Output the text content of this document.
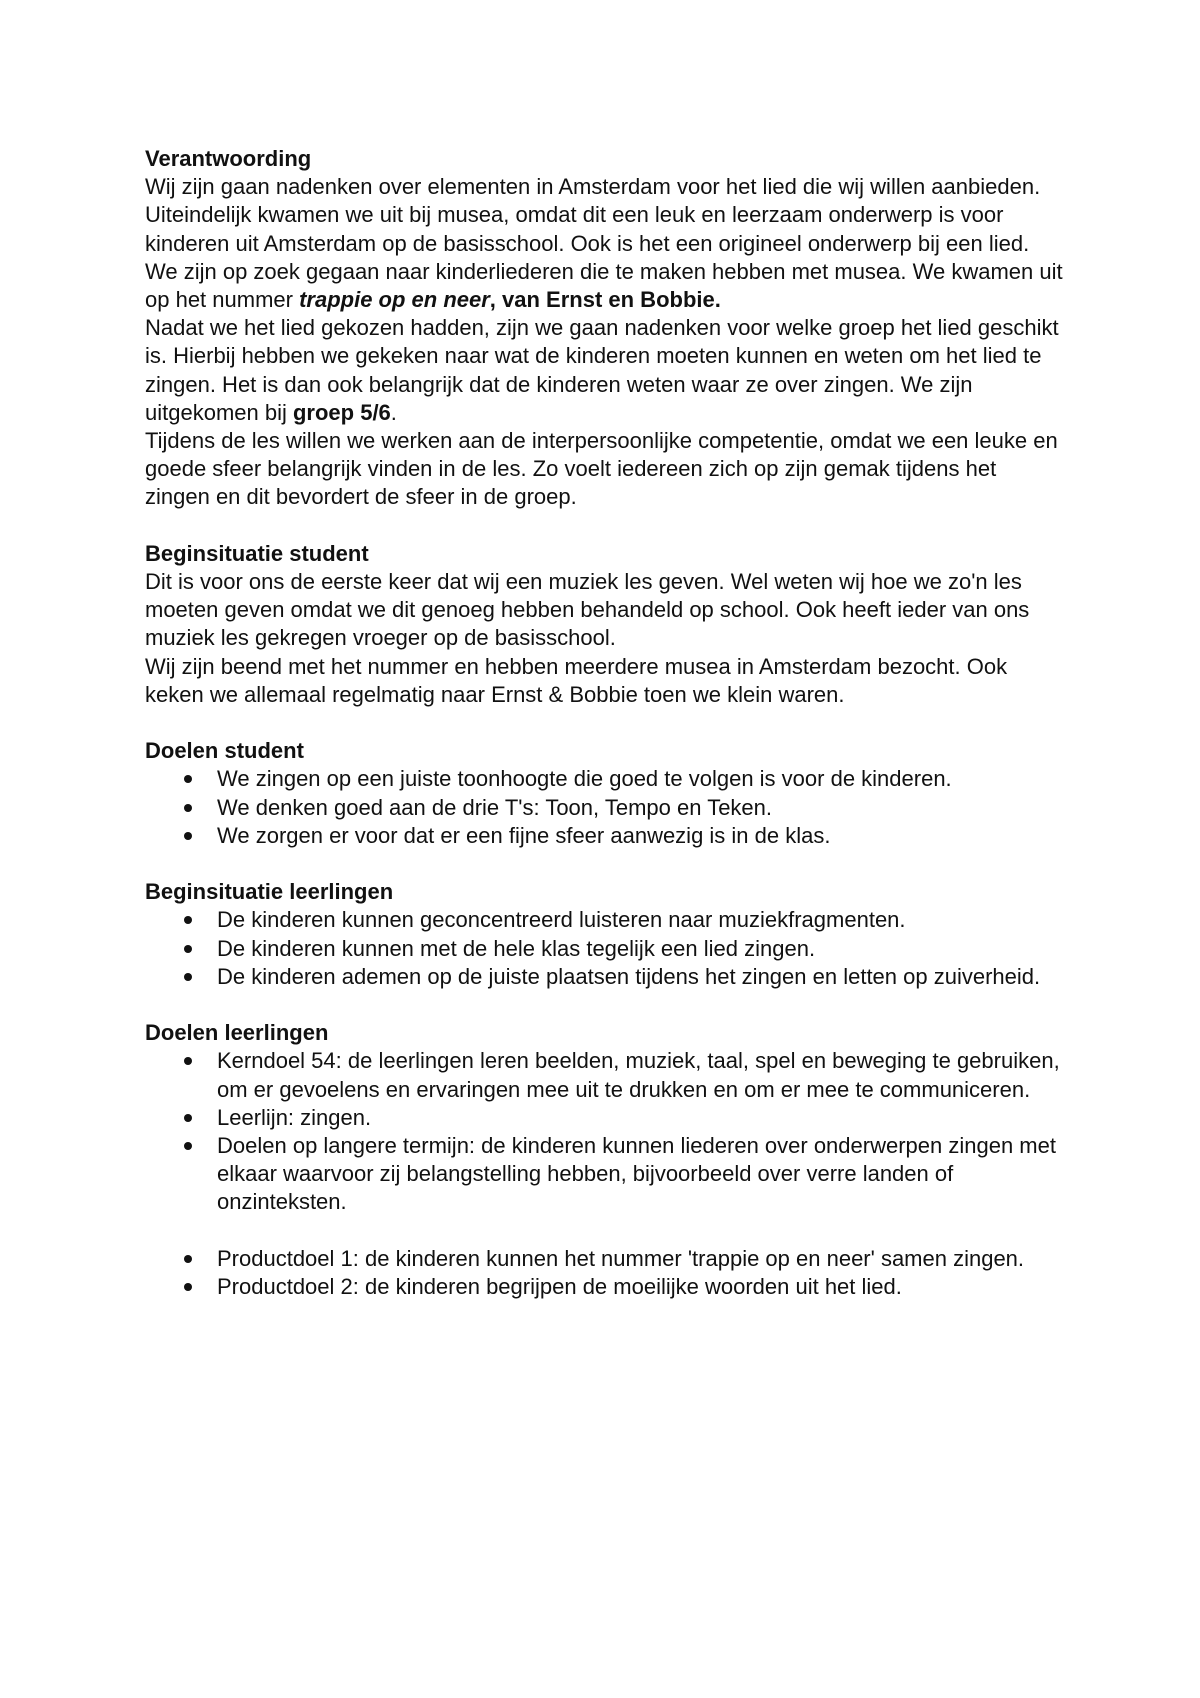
Verantwoording

Wij zijn gaan nadenken over elementen in Amsterdam voor het lied die wij willen aanbieden. Uiteindelijk kwamen we uit bij musea, omdat dit een leuk en leerzaam onderwerp is voor kinderen uit Amsterdam op de basisschool. Ook is het een origineel onderwerp bij een lied.

We zijn op zoek gegaan naar kinderliederen die te maken hebben met musea. We kwamen uit op het nummer trappie op en neer, van Ernst en Bobbie.

Nadat we het lied gekozen hadden, zijn we gaan nadenken voor welke groep het lied geschikt is. Hierbij hebben we gekeken naar wat de kinderen moeten kunnen en weten om het lied te zingen. Het is dan ook belangrijk dat de kinderen weten waar ze over zingen. We zijn uitgekomen bij groep 5/6.

Tijdens de les willen we werken aan de interpersoonlijke competentie, omdat we een leuke en goede sfeer belangrijk vinden in de les. Zo voelt iedereen zich op zijn gemak tijdens het zingen en dit bevordert de sfeer in de groep.

Beginsituatie student

Dit is voor ons de eerste keer dat wij een muziek les geven. Wel weten wij hoe we zo'n les moeten geven omdat we dit genoeg hebben behandeld op school. Ook heeft ieder van ons muziek les gekregen vroeger op de basisschool.

Wij zijn beend met het nummer en hebben meerdere musea in Amsterdam bezocht. Ook keken we allemaal regelmatig naar Ernst & Bobbie toen we klein waren.

Doelen student

We zingen op een juiste toonhoogte die goed te volgen is voor de kinderen.
We denken goed aan de drie T's: Toon, Tempo en Teken.
We zorgen er voor dat er een fijne sfeer aanwezig is in de klas.

Beginsituatie leerlingen

De kinderen kunnen geconcentreerd luisteren naar muziekfragmenten.
De kinderen kunnen met de hele klas tegelijk een lied zingen.
De kinderen ademen op de juiste plaatsen tijdens het zingen en letten op zuiverheid.

Doelen leerlingen

Kerndoel 54: de leerlingen leren beelden, muziek, taal, spel en beweging te gebruiken, om er gevoelens en ervaringen mee uit te drukken en om er mee te communiceren.
Leerlijn: zingen.
Doelen op langere termijn: de kinderen kunnen liederen over onderwerpen zingen met elkaar waarvoor zij belangstelling hebben, bijvoorbeeld over verre landen of onzinteksten.
Productdoel 1: de kinderen kunnen het nummer 'trappie op en neer' samen zingen.
Productdoel 2: de kinderen begrijpen de moeilijke woorden uit het lied.
